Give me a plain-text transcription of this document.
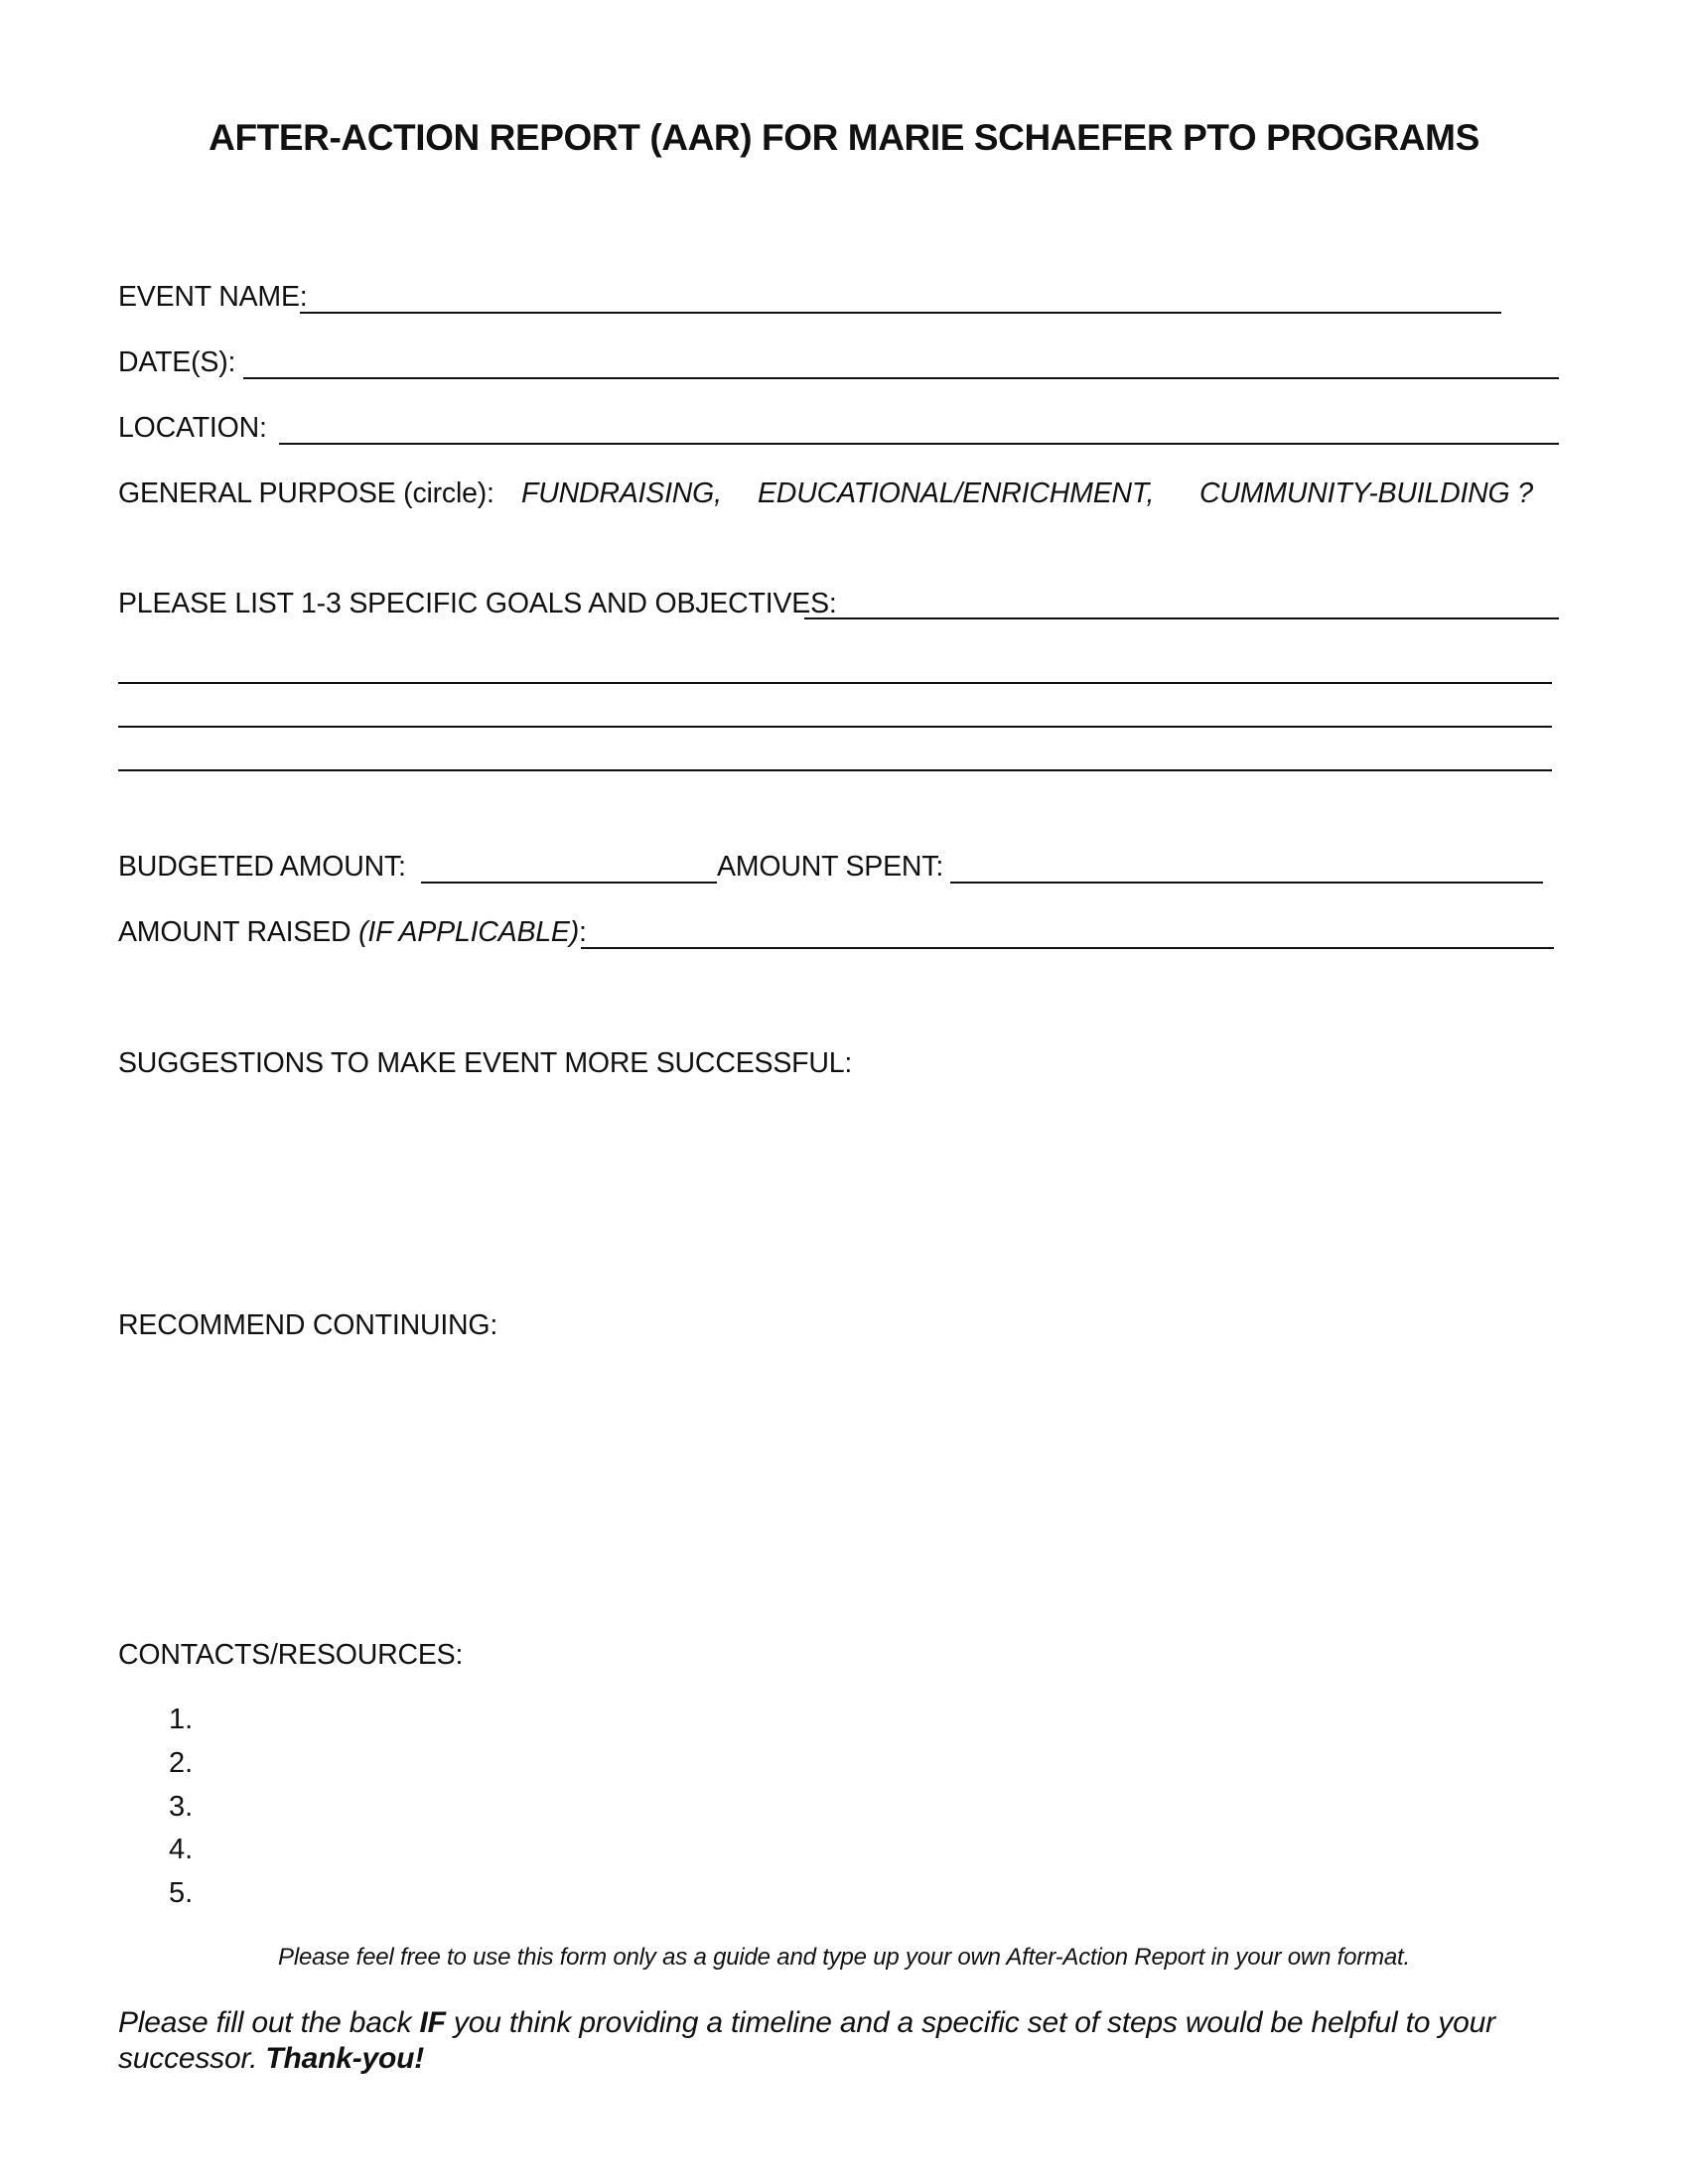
AFTER-ACTION REPORT (AAR) FOR MARIE SCHAEFER PTO PROGRAMS
EVENT NAME:
DATE(S):
LOCATION:
GENERAL PURPOSE (circle): FUNDRAISING, EDUCATIONAL/ENRICHMENT, CUMMUNITY-BUILDING ?
PLEASE LIST 1-3 SPECIFIC GOALS AND OBJECTIVES:
BUDGETED AMOUNT:	AMOUNT SPENT:
AMOUNT RAISED (IF APPLICABLE):
SUGGESTIONS TO MAKE EVENT MORE SUCCESSFUL:
RECOMMEND CONTINUING:
CONTACTS/RESOURCES:
1.
2.
3.
4.
5.
Please feel free to use this form only as a guide and type up your own After-Action Report in your own format.
Please fill out the back IF you think providing a timeline and a specific set of steps would be helpful to your successor. Thank-you!
